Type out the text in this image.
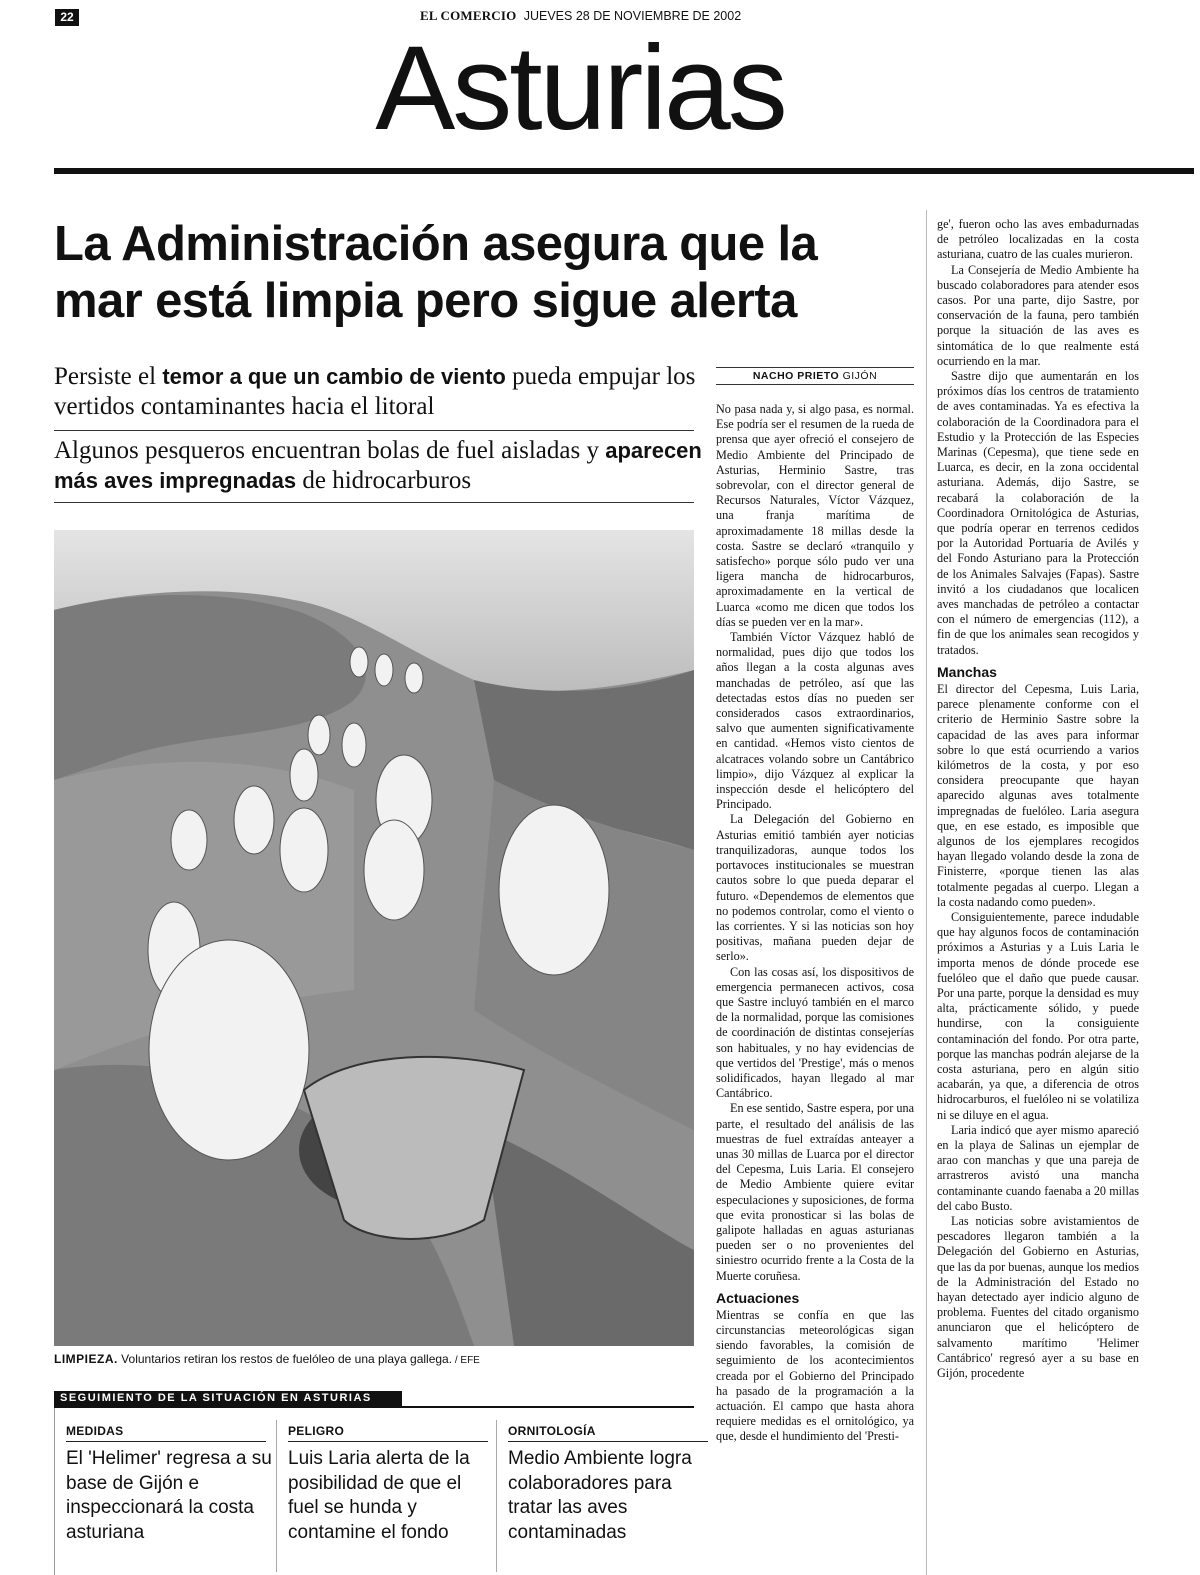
22	EL COMERCIO JUEVES 28 DE NOVIEMBRE DE 2002
Asturias
La Administración asegura que la mar está limpia pero sigue alerta
Persiste el temor a que un cambio de viento pueda empujar los vertidos contaminantes hacia el litoral
Algunos pesqueros encuentran bolas de fuel aisladas y aparecen más aves impregnadas de hidrocarburos
LIMPIEZA. Voluntarios retiran los restos de fuelóleo de una playa gallega. / EFE
SEGUIMIENTO DE LA SITUACIÓN EN ASTURIAS
MEDIDAS
El 'Helimer' regresa a su base de Gijón e inspeccionará la costa asturiana
PELIGRO
Luis Laria alerta de la posibilidad de que el fuel se hunda y contamine el fondo
ORNITOLOGÍA
Medio Ambiente logra colaboradores para tratar las aves contaminadas
NACHO PRIETO GIJÓN

No pasa nada y, si algo pasa, es normal. Ese podría ser el resumen de la rueda de prensa que ayer ofreció el consejero de Medio Ambiente del Principado de Asturias, Herminio Sastre, tras sobrevolar, con el director general de Recursos Naturales, Víctor Vázquez, una franja marítima de aproximadamente 18 millas desde la costa. Sastre se declaró «tranquilo y satisfecho» porque sólo pudo ver una ligera mancha de hidrocarburos, aproximadamente en la vertical de Luarca «como me dicen que todos los días se pueden ver en la mar».

También Víctor Vázquez habló de normalidad, pues dijo que todos los años llegan a la costa algunas aves manchadas de petróleo, así que las detectadas estos días no pueden ser considerados casos extraordinarios, salvo que aumenten significativamente en cantidad. «Hemos visto cientos de alcatraces volando sobre un Cantábrico limpio», dijo Vázquez al explicar la inspección desde el helicóptero del Principado.

La Delegación del Gobierno en Asturias emitió también ayer noticias tranquilizadoras, aunque todos los portavoces institucionales se muestran cautos sobre lo que pueda deparar el futuro. «Dependemos de elementos que no podemos controlar, como el viento o las corrientes. Y si las noticias son hoy positivas, mañana pueden dejar de serlo».

Con las cosas así, los dispositivos de emergencia permanecen activos, cosa que Sastre incluyó también en el marco de la normalidad, porque las comisiones de coordinación de distintas consejerías son habituales, y no hay evidencias de que vertidos del 'Prestige', más o menos solidificados, hayan llegado al mar Cantábrico.

En ese sentido, Sastre espera, por una parte, el resultado del análisis de las muestras de fuel extraídas anteayer a unas 30 millas de Luarca por el director del Cepesma, Luis Laria. El consejero de Medio Ambiente quiere evitar especulaciones y suposiciones, de forma que evita pronosticar si las bolas de galipote halladas en aguas asturianas pueden ser o no provenientes del siniestro ocurrido frente a la Costa de la Muerte coruñesa.

Actuaciones

Mientras se confía en que las circunstancias meteorológicas sigan siendo favorables, la comisión de seguimiento de los acontecimientos creada por el Gobierno del Principado ha pasado de la programación a la actuación. El campo que hasta ahora requiere medidas es el ornitológico, ya que, desde el hundimiento del 'Presti-

ge', fueron ocho las aves embadurnadas de petróleo localizadas en la costa asturiana, cuatro de las cuales murieron.

La Consejería de Medio Ambiente ha buscado colaboradores para atender esos casos. Por una parte, dijo Sastre, por conservación de la fauna, pero también porque la situación de las aves es sintomática de lo que realmente está ocurriendo en la mar.

Sastre dijo que aumentarán en los próximos días los centros de tratamiento de aves contaminadas. Ya es efectiva la colaboración de la Coordinadora para el Estudio y la Protección de las Especies Marinas (Cepesma), que tiene sede en Luarca, es decir, en la zona occidental asturiana. Además, dijo Sastre, se recabará la colaboración de la Coordinadora Ornitológica de Asturias, que podría operar en terrenos cedidos por la Autoridad Portuaria de Avilés y del Fondo Asturiano para la Protección de los Animales Salvajes (Fapas). Sastre invitó a los ciudadanos que localicen aves manchadas de petróleo a contactar con el número de emergencias (112), a fin de que los animales sean recogidos y tratados.

Manchas

El director del Cepesma, Luis Laria, parece plenamente conforme con el criterio de Herminio Sastre sobre la capacidad de las aves para informar sobre lo que está ocurriendo a varios kilómetros de la costa, y por eso considera preocupante que hayan aparecido algunas aves totalmente impregnadas de fuelóleo. Laria asegura que, en ese estado, es imposible que algunos de los ejemplares recogidos hayan llegado volando desde la zona de Finisterre, «porque tienen las alas totalmente pegadas al cuerpo. Llegan a la costa nadando como pueden».

Consiguientemente, parece indudable que hay algunos focos de contaminación próximos a Asturias y a Luis Laria le importa menos de dónde procede ese fuelóleo que el daño que puede causar. Por una parte, porque la densidad es muy alta, prácticamente sólido, y puede hundirse, con la consiguiente contaminación del fondo. Por otra parte, porque las manchas podrán alejarse de la costa asturiana, pero en algún sitio acabarán, ya que, a diferencia de otros hidrocarburos, el fuelóleo ni se volatiliza ni se diluye en el agua.

Laria indicó que ayer mismo apareció en la playa de Salinas un ejemplar de arao con manchas y que una pareja de arrastreros avistó una mancha contaminante cuando faenaba a 20 millas del cabo Busto.

Las noticias sobre avistamientos de pescadores llegaron también a la Delegación del Gobierno en Asturias, que las da por buenas, aunque los medios de la Administración del Estado no hayan detectado ayer indicio alguno de problema. Fuentes del citado organismo anunciaron que el helicóptero de salvamento marítimo 'Helimer Cantábrico' regresó ayer a su base en Gijón, procedente
